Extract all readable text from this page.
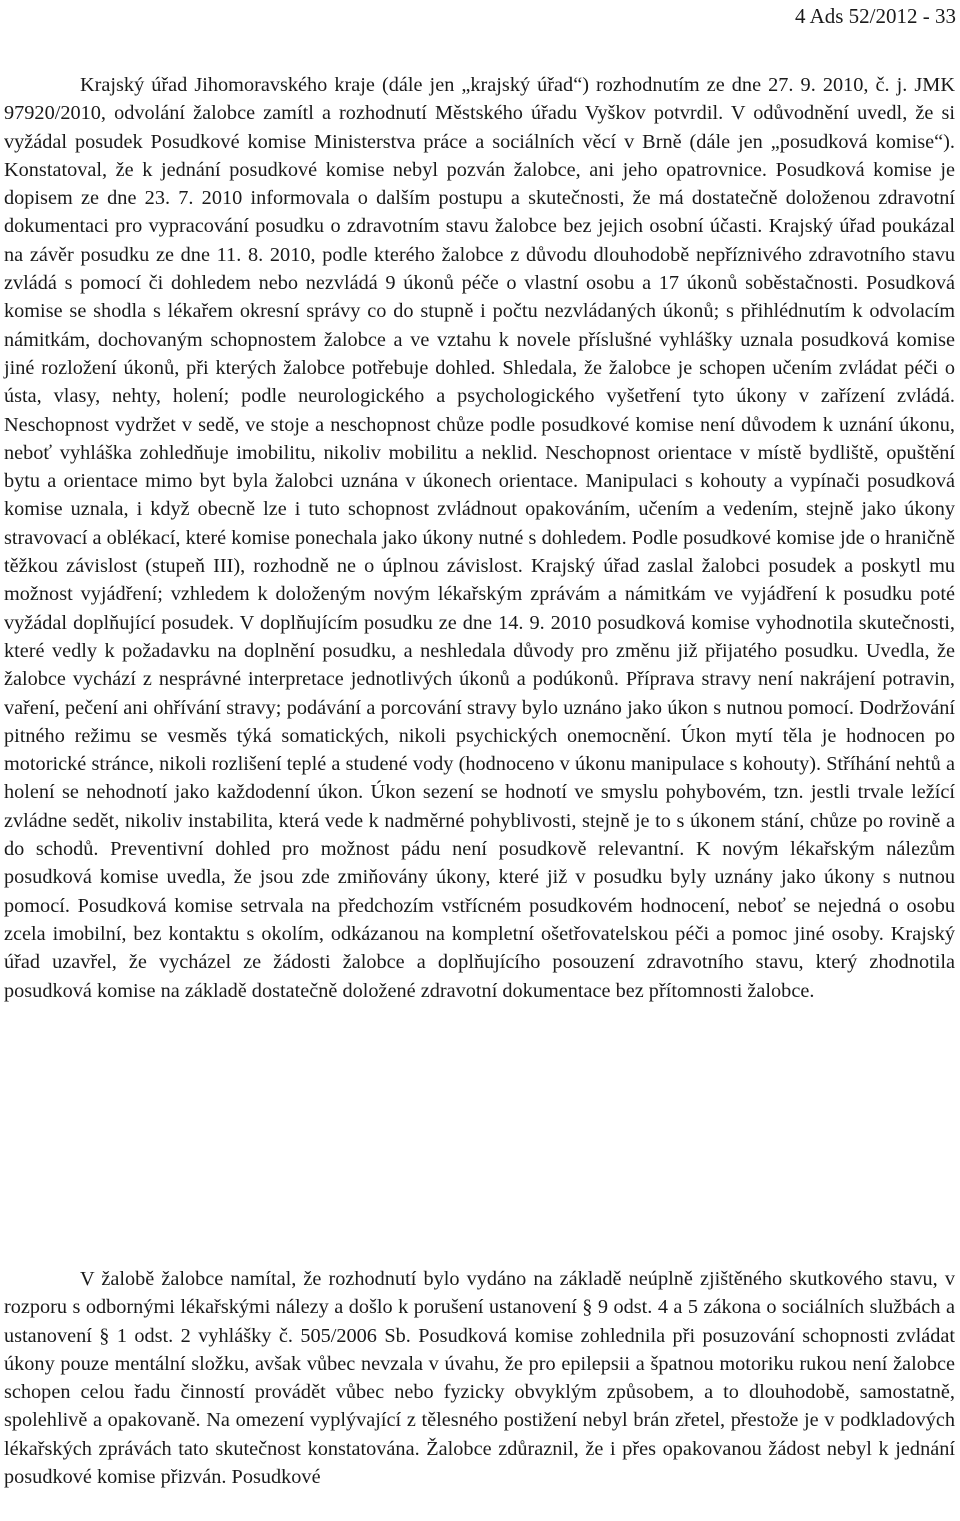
4 Ads 52/2012 - 33

Krajský úřad Jihomoravského kraje (dále jen „krajský úřad“) rozhodnutím ze dne 27. 9. 2010, č. j. JMK 97920/2010, odvolání žalobce zamítl a rozhodnutí Městského úřadu Vyškov potvrdil. V odůvodnění uvedl, že si vyžádal posudek Posudkové komise Ministerstva práce a sociálních věcí v Brně (dále jen „posudková komise“). Konstatoval, že k jednání posudkové komise nebyl pozván žalobce, ani jeho opatrovnice. Posudková komise je dopisem ze dne 23. 7. 2010 informovala o dalším postupu a skutečnosti, že má dostatečně doloženou zdravotní dokumentaci pro vypracování posudku o zdravotním stavu žalobce bez jejich osobní účasti. Krajský úřad poukázal na závěr posudku ze dne 11. 8. 2010, podle kterého žalobce z důvodu dlouhodobě nepříznivého zdravotního stavu zvládá s pomocí či dohledem nebo nezvládá 9 úkonů péče o vlastní osobu a 17 úkonů soběstačnosti. Posudková komise se shodla s lékařem okresní správy co do stupně i počtu nezvládaných úkonů; s přihlédnutím k odvolacím námitkám, dochovaným schopnostem žalobce a ve vztahu k novele příslušné vyhlášky uznala posudková komise jiné rozložení úkonů, při kterých žalobce potřebuje dohled. Shledala, že žalobce je schopen učením zvládat péči o ústa, vlasy, nehty, holení; podle neurologického a psychologického vyšetření tyto úkony v zařízení zvládá. Neschopnost vydržet v sedě, ve stoje a neschopnost chůze podle posudkové komise není důvodem k uznání úkonu, neboť vyhláška zohledňuje imobilitu, nikoliv mobilitu a neklid. Neschopnost orientace v místě bydliště, opuštění bytu a orientace mimo byt byla žalobci uznána v úkonech orientace. Manipulaci s kohouty a vypínači posudková komise uznala, i když obecně lze i tuto schopnost zvládnout opakováním, učením a vedením, stejně jako úkony stravovací a oblékací, které komise ponechala jako úkony nutné s dohledem. Podle posudkové komise jde o hraničně těžkou závislost (stupeň III), rozhodně ne o úplnou závislost. Krajský úřad zaslal žalobci posudek a poskytl mu možnost vyjádření; vzhledem k doloženým novým lékařským zprávám a námitkám ve vyjádření k posudku poté vyžádal doplňující posudek. V doplňujícím posudku ze dne 14. 9. 2010 posudková komise vyhodnotila skutečnosti, které vedly k požadavku na doplnění posudku, a neshledala důvody pro změnu již přijatého posudku. Uvedla, že žalobce vychází z nesprávné interpretace jednotlivých úkonů a podúkonů. Příprava stravy není nakrájení potravin, vaření, pečení ani ohřívání stravy; podávání a porcování stravy bylo uznáno jako úkon s nutnou pomocí. Dodržování pitného režimu se vesměs týká somatických, nikoli psychických onemocnění. Úkon mytí těla je hodnocen po motorické stránce, nikoli rozlišení teplé a studené vody (hodnoceno v úkonu manipulace s kohouty). Stříhání nehtů a holení se nehodnotí jako každodenní úkon. Úkon sezení se hodnotí ve smyslu pohybovém, tzn. jestli trvale ležící zvládne sedět, nikoliv instabilita, která vede k nadměrné pohyblivosti, stejně je to s úkonem stání, chůze po rovině a do schodů. Preventivní dohled pro možnost pádu není posudkově relevantní. K novým lékařským nálezům posudková komise uvedla, že jsou zde zmiňovány úkony, které již v posudku byly uznány jako úkony s nutnou pomocí. Posudková komise setrvala na předchozím vstřícném posudkovém hodnocení, neboť se nejedná o osobu zcela imobilní, bez kontaktu s okolím, odkázanou na kompletní ošetřovatelskou péči a pomoc jiné osoby. Krajský úřad uzavřel, že vycházel ze žádosti žalobce a doplňujícího posouzení zdravotního stavu, který zhodnotila posudková komise na základě dostatečně doložené zdravotní dokumentace bez přítomnosti žalobce.

V žalobě žalobce namítal, že rozhodnutí bylo vydáno na základě neúplně zjištěného skutkového stavu, v rozporu s odbornými lékařskými nálezy a došlo k porušení ustanovení § 9 odst. 4 a 5 zákona o sociálních službách a ustanovení § 1 odst. 2 vyhlášky č. 505/2006 Sb. Posudková komise zohlednila při posuzování schopnosti zvládat úkony pouze mentální složku, avšak vůbec nevzala v úvahu, že pro epilepsii a špatnou motoriku rukou není žalobce schopen celou řadu činností provádět vůbec nebo fyzicky obvyklým způsobem, a to dlouhodobě, samostatně, spolehlivě a opakovaně. Na omezení vyplývající z tělesného postižení nebyl brán zřetel, přestože je v podkladových lékařských zprávách tato skutečnost konstatována. Žalobce zdůraznil, že i přes opakovanou žádost nebyl k jednání posudkové komise přizván. Posudkové
